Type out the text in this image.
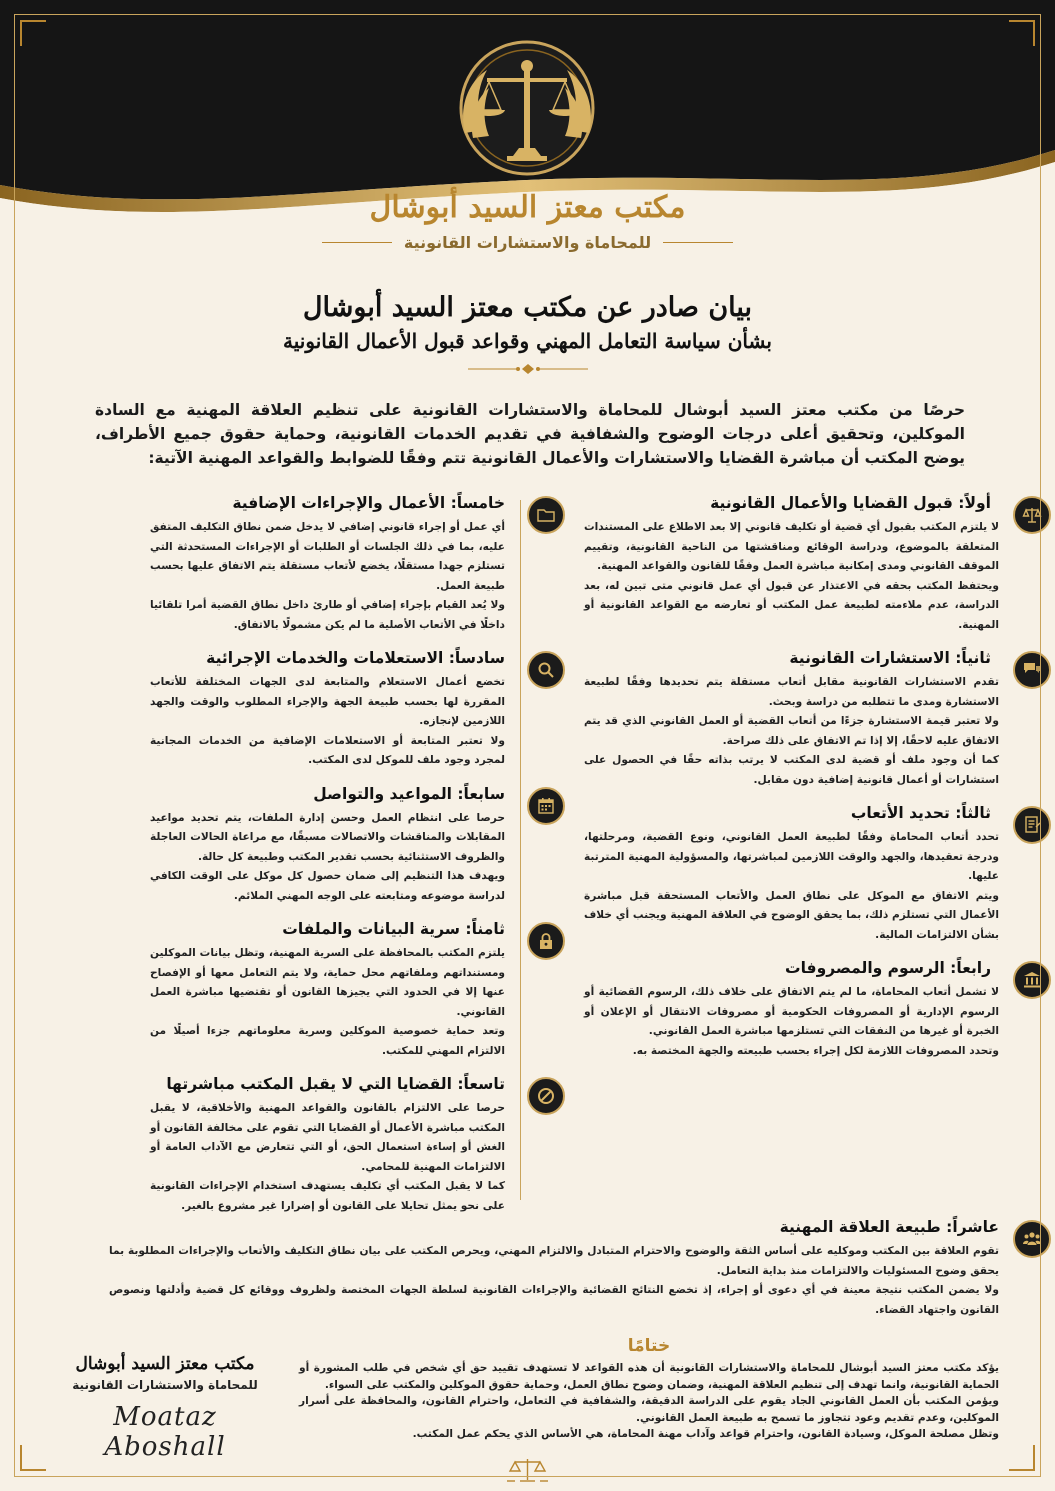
مكتب معتز السيد أبوشال
للمحاماة والاستشارات القانونية
بيان صادر عن مكتب معتز السيد أبوشال
بشأن سياسة التعامل المهني وقواعد قبول الأعمال القانونية

حرصًا من مكتب معتز السيد أبوشال للمحاماة والاستشارات القانونية على تنظيم العلاقة المهنية مع السادة الموكلين، وتحقيق أعلى درجات الوضوح والشفافية في تقديم الخدمات القانونية، وحماية حقوق جميع الأطراف، يوضح المكتب أن مباشرة القضايا والاستشارات والأعمال القانونية تتم وفقًا للضوابط والقواعد المهنية الآتية:

أولاً: قبول القضايا والأعمال القانونية

لا يلتزم المكتب بقبول أي قضية أو تكليف قانوني إلا بعد الاطلاع على المستندات المتعلقة بالموضوع، ودراسة الوقائع ومناقشتها من الناحية القانونية، وتقييم الموقف القانوني ومدى إمكانية مباشرة العمل وفقًا للقانون والقواعد المهنية.

ويحتفظ المكتب بحقه في الاعتذار عن قبول أي عمل قانوني متى تبين له، بعد الدراسة، عدم ملاءمته لطبيعة عمل المكتب أو تعارضه مع القواعد القانونية أو المهنية.

ثانياً: الاستشارات القانونية

تقدم الاستشارات القانونية مقابل أتعاب مستقلة يتم تحديدها وفقًا لطبيعة الاستشارة ومدى ما تتطلبه من دراسة وبحث.

ولا تعتبر قيمة الاستشارة جزءًا من أتعاب القضية أو العمل القانوني الذي قد يتم الاتفاق عليه لاحقًا، إلا إذا تم الاتفاق على ذلك صراحة.

كما أن وجود ملف أو قضية لدى المكتب لا يرتب بذاته حقًا في الحصول على استشارات أو أعمال قانونية إضافية دون مقابل.

ثالثاً: تحديد الأتعاب

تحدد أتعاب المحاماة وفقًا لطبيعة العمل القانوني، ونوع القضية، ومرحلتها، ودرجة تعقيدها، والجهد والوقت اللازمين لمباشرتها، والمسؤولية المهنية المترتبة عليها.

ويتم الاتفاق مع الموكل على نطاق العمل والأتعاب المستحقة قبل مباشرة الأعمال التي تستلزم ذلك، بما يحقق الوضوح في العلاقة المهنية ويجنب أي خلاف بشأن الالتزامات المالية.

رابعاً: الرسوم والمصروفات

لا تشمل أتعاب المحاماة، ما لم يتم الاتفاق على خلاف ذلك، الرسوم القضائية أو الرسوم الإدارية أو المصروفات الحكومية أو مصروفات الانتقال أو الإعلان أو الخبرة أو غيرها من النفقات التي تستلزمها مباشرة العمل القانوني.

وتحدد المصروفات اللازمة لكل إجراء بحسب طبيعته والجهة المختصة به.

خامساً: الأعمال والإجراءات الإضافية

أي عمل أو إجراء قانوني إضافي لا يدخل ضمن نطاق التكليف المتفق عليه، بما في ذلك الجلسات أو الطلبات أو الإجراءات المستحدثة التي تستلزم جهدا مستقلًا، يخضع لأتعاب مستقلة يتم الاتفاق عليها بحسب طبيعة العمل.

ولا يُعد القيام بإجراء إضافي أو طارئ داخل نطاق القضية أمرا تلقائيا داخلًا في الأتعاب الأصلية ما لم يكن مشمولًا بالاتفاق.

سادساً: الاستعلامات والخدمات الإجرائية

تخضع أعمال الاستعلام والمتابعة لدى الجهات المختلفة للأتعاب المقررة لها بحسب طبيعة الجهة والإجراء المطلوب والوقت والجهد اللازمين لإنجازه.

ولا تعتبر المتابعة أو الاستعلامات الإضافية من الخدمات المجانية لمجرد وجود ملف للموكل لدى المكتب.

سابعاً: المواعيد والتواصل

حرصا على انتظام العمل وحسن إدارة الملفات، يتم تحديد مواعيد المقابلات والمناقشات والاتصالات مسبقًا، مع مراعاة الحالات العاجلة والظروف الاستثنائية بحسب تقدير المكتب وطبيعة كل حالة.

ويهدف هذا التنظيم إلى ضمان حصول كل موكل على الوقت الكافي لدراسة موضوعه ومتابعته على الوجه المهني الملائم.

ثامناً: سرية البيانات والملفات

يلتزم المكتب بالمحافظة على السرية المهنية، وتظل بيانات الموكلين ومستنداتهم وملفاتهم محل حماية، ولا يتم التعامل معها أو الإفصاح عنها إلا في الحدود التي يجيزها القانون أو تقتضيها مباشرة العمل القانوني.

وتعد حماية خصوصية الموكلين وسرية معلوماتهم جزءا أصيلًا من الالتزام المهني للمكتب.

تاسعاً: القضايا التي لا يقبل المكتب مباشرتها

حرصا على الالتزام بالقانون والقواعد المهنية والأخلاقية، لا يقبل المكتب مباشرة الأعمال أو القضايا التي تقوم على مخالفة القانون أو الغش أو إساءة استعمال الحق، أو التي تتعارض مع الآداب العامة أو الالتزامات المهنية للمحامي.

كما لا يقبل المكتب أي تكليف يستهدف استخدام الإجراءات القانونية على نحو يمثل تحايلا على القانون أو إضرارا غير مشروع بالغير.

عاشراً: طبيعة العلاقة المهنية

تقوم العلاقة بين المكتب وموكليه على أساس الثقة والوضوح والاحترام المتبادل والالتزام المهني، ويحرص المكتب على بيان نطاق التكليف والأتعاب والإجراءات المطلوبة بما يحقق وضوح المسئوليات والالتزامات منذ بداية التعامل.

ولا يضمن المكتب نتيجة معينة في أي دعوى أو إجراء، إذ تخضع النتائج القضائية والإجراءات القانونية لسلطة الجهات المختصة ولظروف ووقائع كل قضية وأدلتها ونصوص القانون واجتهاد القضاء.

ختامًا

يؤكد مكتب معتز السيد أبوشال للمحاماة والاستشارات القانونية أن هذه القواعد لا تستهدف تقييد حق أي شخص في طلب المشورة أو الحماية القانونية، وانما تهدف إلى تنظيم العلاقة المهنية، وضمان وضوح نطاق العمل، وحماية حقوق الموكلين والمكتب على السواء.

ويؤمن المكتب بأن العمل القانوني الجاد يقوم على الدراسة الدقيقة، والشفافية في التعامل، واحترام القانون، والمحافظة على أسرار الموكلين، وعدم تقديم وعود تتجاوز ما تسمح به طبيعة العمل القانوني.

وتظل مصلحة الموكل، وسيادة القانون، واحترام قواعد وآداب مهنة المحاماة، هي الأساس الذي يحكم عمل المكتب.

مكتب معتز السيد أبوشال
للمحاماة والاستشارات القانونية
Moataz Aboshall
